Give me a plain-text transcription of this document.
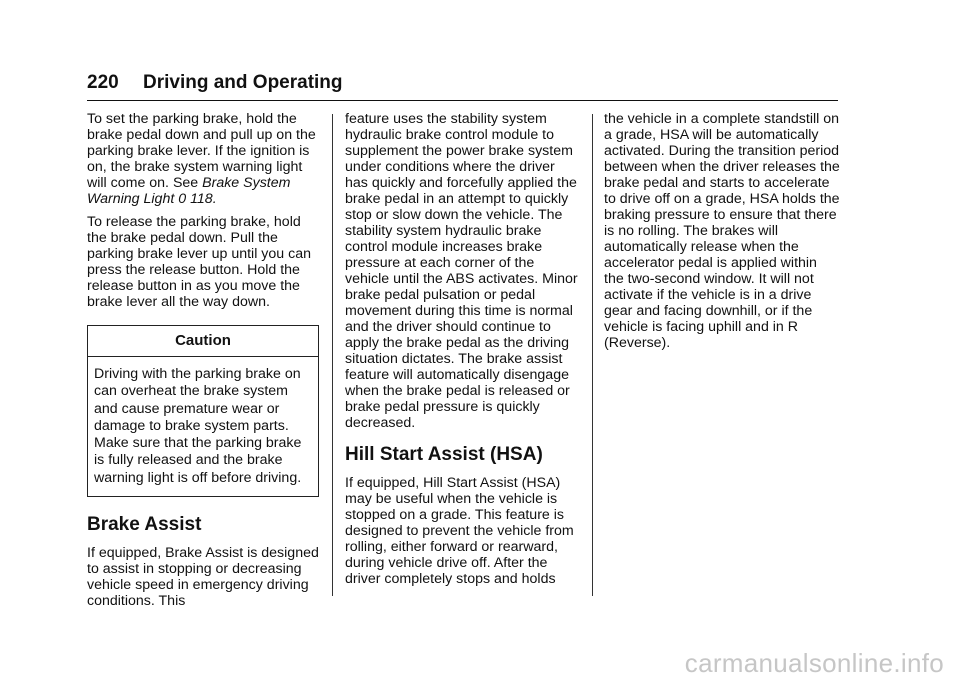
220 Driving and Operating

To set the parking brake, hold the brake pedal down and pull up on the parking brake lever. If the ignition is on, the brake system warning light will come on. See Brake System Warning Light 0 118.

To release the parking brake, hold the brake pedal down. Pull the parking brake lever up until you can press the release button. Hold the release button in as you move the brake lever all the way down.

Caution
Driving with the parking brake on can overheat the brake system and cause premature wear or damage to brake system parts. Make sure that the parking brake is fully released and the brake warning light is off before driving.
Brake Assist

If equipped, Brake Assist is designed to assist in stopping or decreasing vehicle speed in emergency driving conditions. This

feature uses the stability system hydraulic brake control module to supplement the power brake system under conditions where the driver has quickly and forcefully applied the brake pedal in an attempt to quickly stop or slow down the vehicle. The stability system hydraulic brake control module increases brake pressure at each corner of the vehicle until the ABS activates. Minor brake pedal pulsation or pedal movement during this time is normal and the driver should continue to apply the brake pedal as the driving situation dictates. The brake assist feature will automatically disengage when the brake pedal is released or brake pedal pressure is quickly decreased.

Hill Start Assist (HSA)

If equipped, Hill Start Assist (HSA) may be useful when the vehicle is stopped on a grade. This feature is designed to prevent the vehicle from rolling, either forward or rearward, during vehicle drive off. After the driver completely stops and holds

the vehicle in a complete standstill on a grade, HSA will be automatically activated. During the transition period between when the driver releases the brake pedal and starts to accelerate to drive off on a grade, HSA holds the braking pressure to ensure that there is no rolling. The brakes will automatically release when the accelerator pedal is applied within the two-second window. It will not activate if the vehicle is in a drive gear and facing downhill, or if the vehicle is facing uphill and in R (Reverse).

carmanualsonline.info
